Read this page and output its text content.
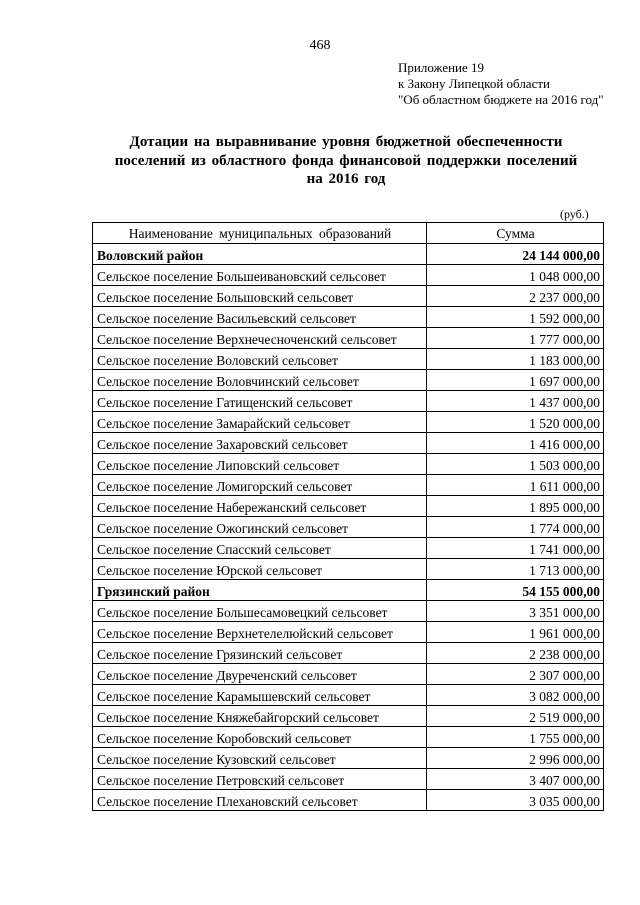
468
Приложение 19
к Закону Липецкой области
"Об областном бюджете на 2016 год"
Дотации на выравнивание уровня бюджетной обеспеченности
поселений из областного фонда финансовой поддержки поселений
на 2016 год
(руб.)
Наименование муниципальных образований	Сумма
Воловский район	24 144 000,00
Сельское поселение Большеивановский сельсовет	1 048 000,00
Сельское поселение Большовский сельсовет	2 237 000,00
Сельское поселение Васильевский сельсовет	1 592 000,00
Сельское поселение Верхнечесноченский сельсовет	1 777 000,00
Сельское поселение Воловский сельсовет	1 183 000,00
Сельское поселение Воловчинский сельсовет	1 697 000,00
Сельское поселение Гатищенский сельсовет	1 437 000,00
Сельское поселение Замарайский сельсовет	1 520 000,00
Сельское поселение Захаровский сельсовет	1 416 000,00
Сельское поселение Липовский сельсовет	1 503 000,00
Сельское поселение Ломигорский сельсовет	1 611 000,00
Сельское поселение Набережанский сельсовет	1 895 000,00
Сельское поселение Ожогинский сельсовет	1 774 000,00
Сельское поселение Спасский сельсовет	1 741 000,00
Сельское поселение Юрской сельсовет	1 713 000,00
Грязинский район	54 155 000,00
Сельское поселение Большесамовецкий сельсовет	3 351 000,00
Сельское поселение Верхнетелелюйский сельсовет	1 961 000,00
Сельское поселение Грязинский сельсовет	2 238 000,00
Сельское поселение Двуреченский сельсовет	2 307 000,00
Сельское поселение Карамышевский сельсовет	3 082 000,00
Сельское поселение Княжебайгорский сельсовет	2 519 000,00
Сельское поселение Коробовский сельсовет	1 755 000,00
Сельское поселение Кузовский сельсовет	2 996 000,00
Сельское поселение Петровский сельсовет	3 407 000,00
Сельское поселение Плехановский сельсовет	3 035 000,00
